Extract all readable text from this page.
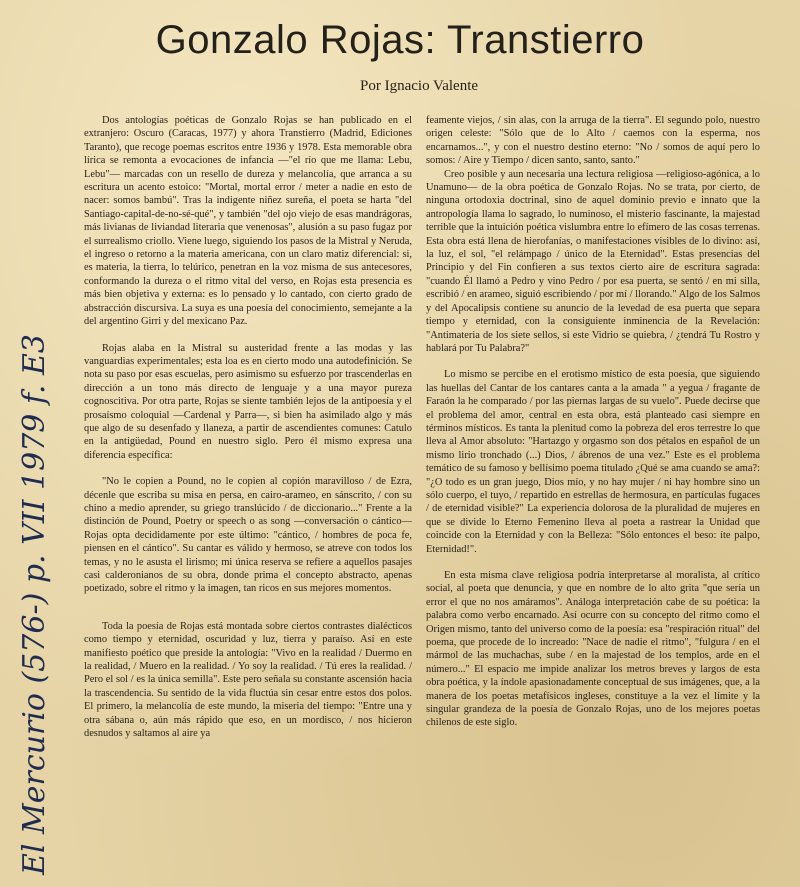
Gonzalo Rojas: Transtierro
Por Ignacio Valente

Dos antologías poéticas de Gonzalo Rojas se han publicado en el extranjero: Oscuro (Caracas, 1977) y ahora Transtierro (Madrid, Ediciones Taranto), que recoge poemas escritos entre 1936 y 1978. Esta memorable obra lírica se remonta a evocaciones de infancia —"el río que me llama: Lebu, Lebu"— marcadas con un resello de dureza y melancolía, que arranca a su escritura un acento estoico: "Mortal, mortal error / meter a nadie en esto de nacer: somos bambú". Tras la indigente niñez sureña, el poeta se harta "del Santiago-capital-de-no-sé-qué", y también "del ojo viejo de esas mandrágoras, más livianas de liviandad literaria que venenosas", alusión a su paso fugaz por el surrealismo criollo. Viene luego, siguiendo los pasos de la Mistral y Neruda, el ingreso o retorno a la materia americana, con un claro matiz diferencial: si, es materia, la tierra, lo telúrico, penetran en la voz misma de sus antecesores, conformando la dureza o el ritmo vital del verso, en Rojas esta presencia es más bien objetiva y externa: es lo pensado y lo cantado, con cierto grado de abstracción discursiva. La suya es una poesía del conocimiento, semejante a la del argentino Girri y del mexicano Paz.

Rojas alaba en la Mistral su austeridad frente a las modas y las vanguardias experimentales; esta loa es en cierto modo una autodefinición. Se nota su paso por esas escuelas, pero asimismo su esfuerzo por trascenderlas en dirección a un tono más directo de lenguaje y a una mayor pureza cognoscitiva. Por otra parte, Rojas se siente también lejos de la antipoesía y el prosaísmo coloquial —Cardenal y Parra—, si bien ha asimilado algo y más que algo de su desenfado y llaneza, a partir de ascendientes comunes: Catulo en la antigüedad, Pound en nuestro siglo. Pero él mismo expresa una diferencia específica:

"No le copien a Pound, no le copien al copión maravilloso / de Ezra, décenle que escriba su misa en persa, en cairo-arameo, en sánscrito, / con su chino a medio aprender, su griego translúcido / de diccionario..." Frente a la distinción de Pound, Poetry or speech o as song —conversación o cántico— Rojas opta decididamente por este último: "cántico, / hombres de poca fe, piensen en el cántico". Su cantar es válido y hermoso, se atreve con todos los temas, y no le asusta el lirismo; mi única reserva se refiere a aquellos pasajes casi calderonianos de su obra, donde prima el concepto abstracto, apenas poetizado, sobre el ritmo y la imagen, tan ricos en sus mejores momentos.

Toda la poesía de Rojas está montada sobre ciertos contrastes dialécticos como tiempo y eternidad, oscuridad y luz, tierra y paraíso. Así en este manifiesto poético que preside la antología: "Vivo en la realidad / Duermo en la realidad, / Muero en la realidad. / Yo soy la realidad. / Tú eres la realidad. / Pero el sol / es la única semilla". Este pero señala su constante ascensión hacia la trascendencia. Su sentido de la vida fluctúa sin cesar entre estos dos polos. El primero, la melancolía de este mundo, la miseria del tiempo: "Entre una y otra sábana o, aún más rápido que eso, en un mordisco, / nos hicieron desnudos y saltamos al aire ya

feamente viejos, / sin alas, con la arruga de la tierra". El segundo polo, nuestro origen celeste: "Sólo que de lo Alto / caemos con la esperma, nos encarnamos...", y con el nuestro destino eterno: "No / somos de aquí pero lo somos: / Aire y Tiempo / dicen santo, santo, santo."

Creo posible y aun necesaria una lectura religiosa —religioso-agónica, a lo Unamuno— de la obra poética de Gonzalo Rojas. No se trata, por cierto, de ninguna ortodoxia doctrinal, sino de aquel dominio previo e innato que la antropología llama lo sagrado, lo numinoso, el misterio fascinante, la majestad terrible que la intuición poética vislumbra entre lo efímero de las cosas terrenas. Esta obra está llena de hierofanías, o manifestaciones visibles de lo divino: así, la luz, el sol, "el relámpago / único de la Eternidad". Estas presencias del Principio y del Fin confieren a sus textos cierto aire de escritura sagrada: "cuando Él llamó a Pedro y vino Pedro / por esa puerta, se sentó / en mi silla, escribió / en arameo, siguió escribiendo / por mí / llorando." Algo de los Salmos y del Apocalipsis contiene su anuncio de la levedad de esa puerta que separa tiempo y eternidad, con la consiguiente inminencia de la Revelación: "Antimateria de los siete sellos, si este Vidrio se quiebra, / ¿tendrá Tu Rostro y hablará por Tu Palabra?"

Lo mismo se percibe en el erotismo místico de esta poesía, que siguiendo las huellas del Cantar de los cantares canta a la amada " a yegua / fragante de Faraón la he comparado / por las piernas largas de su vuelo". Puede decirse que el problema del amor, central en esta obra, está planteado casi siempre en términos místicos. Es tanta la plenitud como la pobreza del eros terrestre lo que lleva al Amor absoluto: "Hartazgo y orgasmo son dos pétalos en español de un mismo lirio tronchado (...) Dios, / ábrenos de una vez." Este es el problema temático de su famoso y bellísimo poema titulado ¿Qué se ama cuando se ama?: "¿O todo es un gran juego, Dios mío, y no hay mujer / ni hay hombre sino un sólo cuerpo, el tuyo, / repartido en estrellas de hermosura, en partículas fugaces / de eternidad visible?" La experiencia dolorosa de la pluralidad de mujeres en que se divide lo Eterno Femenino lleva al poeta a rastrear la Unidad que coincide con la Eternidad y con la Belleza: "Sólo entonces el beso: íte palpo, Eternidad!".

En esta misma clave religiosa podría interpretarse al moralista, al crítico social, al poeta que denuncia, y que en nombre de lo alto grita "que sería un error el que no nos amáramos". Análoga interpretación cabe de su poética: la palabra como verbo encarnado. Así ocurre con su concepto del ritmo como el Origen mismo, tanto del universo como de la poesía: esa "respiración ritual" del poema, que procede de lo increado: "Nace de nadie el ritmo", "fulgura / en el mármol de las muchachas, sube / en la majestad de los templos, arde en el número..." El espacio me impide analizar los metros breves y largos de esta obra poética, y la índole apasionadamente conceptual de sus imágenes, que, a la manera de los poetas metafísicos ingleses, constituye a la vez el límite y la singular grandeza de la poesía de Gonzalo Rojas, uno de los mejores poetas chilenos de este siglo.

El Mercurio (576-) p. VII 1979 f. E3
